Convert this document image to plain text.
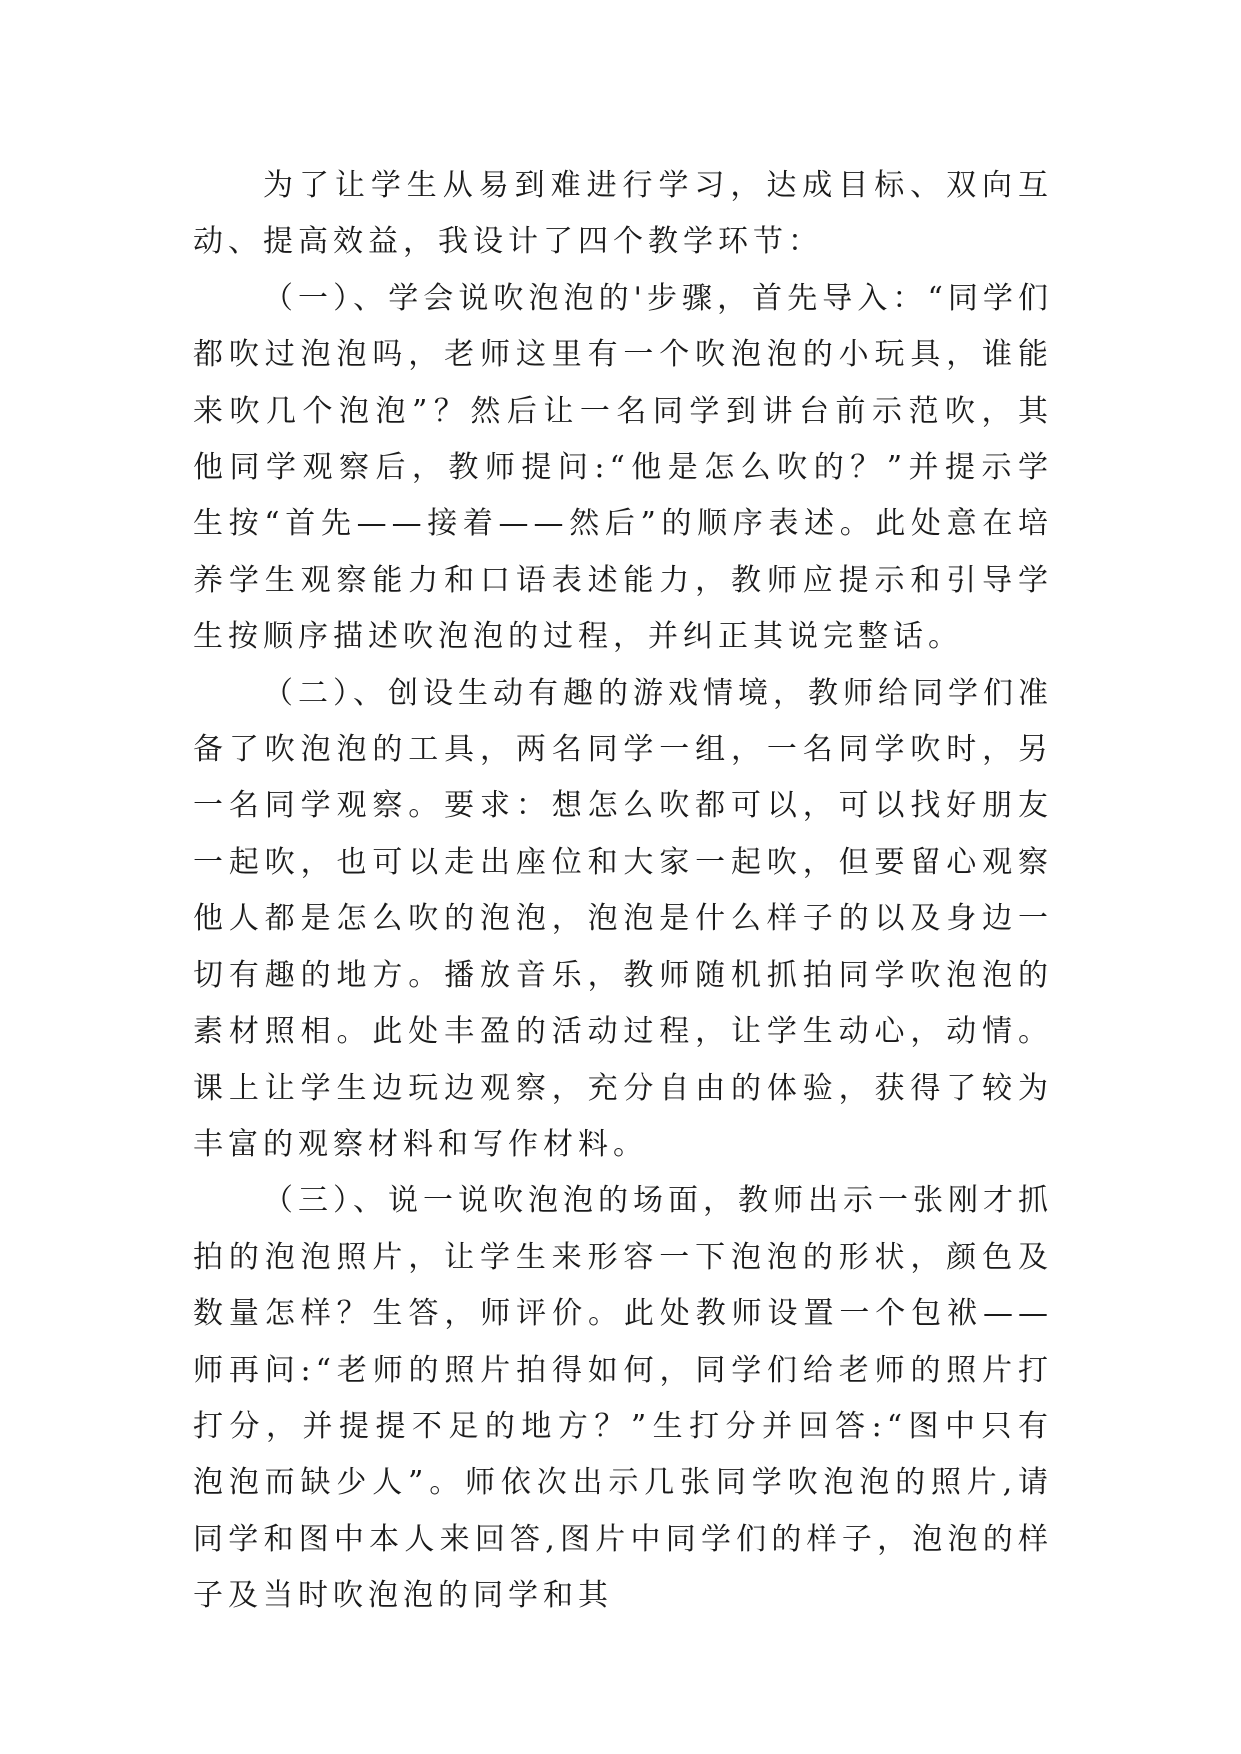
为了让学生从易到难进行学习，达成目标、双向互动、提高效益，我设计了四个教学环节：

（一）、学会说吹泡泡的'步骤，首先导入：“同学们都吹过泡泡吗，老师这里有一个吹泡泡的小玩具，谁能来吹几个泡泡”？然后让一名同学到讲台前示范吹，其他同学观察后，教师提问:“他是怎么吹的？”并提示学生按“首先——接着——然后”的顺序表述。此处意在培养学生观察能力和口语表述能力，教师应提示和引导学生按顺序描述吹泡泡的过程，并纠正其说完整话。

（二）、创设生动有趣的游戏情境，教师给同学们准备了吹泡泡的工具，两名同学一组，一名同学吹时，另一名同学观察。要求：想怎么吹都可以，可以找好朋友一起吹，也可以走出座位和大家一起吹，但要留心观察他人都是怎么吹的泡泡，泡泡是什么样子的以及身边一切有趣的地方。播放音乐，教师随机抓拍同学吹泡泡的素材照相。此处丰盈的活动过程，让学生动心，动情。课上让学生边玩边观察，充分自由的体验，获得了较为丰富的观察材料和写作材料。

（三）、说一说吹泡泡的场面，教师出示一张刚才抓拍的泡泡照片，让学生来形容一下泡泡的形状，颜色及数量怎样？生答，师评价。此处教师设置一个包袱——师再问:“老师的照片拍得如何，同学们给老师的照片打打分，并提提不足的地方？”生打分并回答:“图中只有泡泡而缺少人”。师依次出示几张同学吹泡泡的照片,请同学和图中本人来回答,图片中同学们的样子，泡泡的样子及当时吹泡泡的同学和其
